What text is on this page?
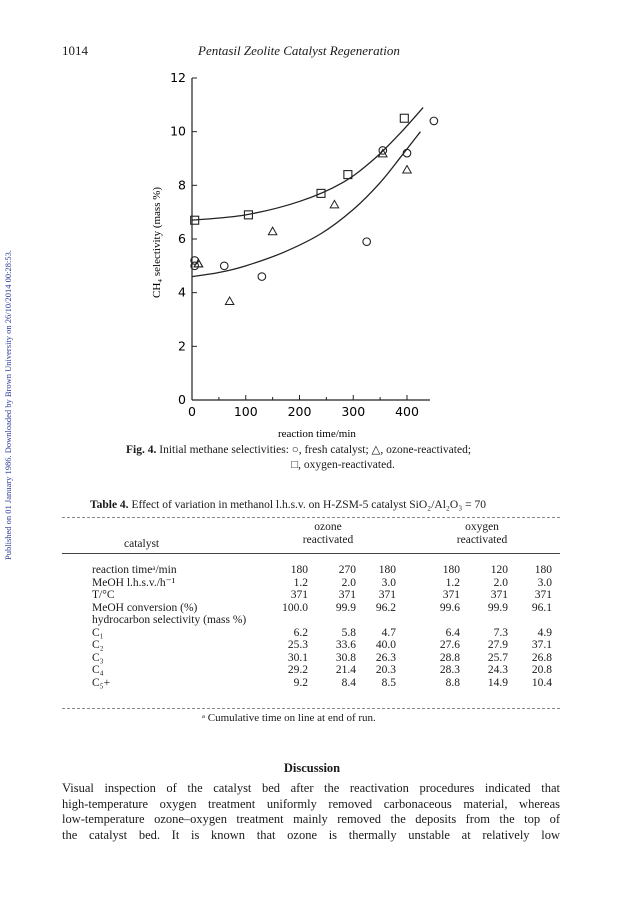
1014	Pentasil Zeolite Catalyst Regeneration
Published on 01 January 1986. Downloaded by Brown University on 26/10/2014 00:28:53.	0
2
4
6
8
10
12
0	100 200 300 400
CH₄ selectivity (mass %)
reaction time/min
Fig. 4. Initial methane selectivities: ○, fresh catalyst; △, ozone-reactivated;
□, oxygen-reactivated.
Table 4. Effect of variation in methanol l.h.s.v. on H-ZSM-5 catalyst SiO₂/Al₂O₃ = 70
	ozone			oxygen		
catalyst	reactivated			reactivated		

reaction timeᵃ/min	180	270	180	180	120	180
MeOH l.h.s.v./h⁻¹	1.2	2.0	3.0	1.2	2.0	3.0
T/°C	371	371	371	371	371	371
MeOH conversion (%)	100.0	99.9	96.2	99.6	99.9	96.1
hydrocarbon selectivity (mass %)						
C₁	6.2	5.8	4.7	6.4	7.3	4.9
C₂	25.3	33.6	40.0	27.6	27.9	37.1
C₃	30.1	30.8	26.3	28.8	25.7	26.8
C₄	29.2	21.4	20.3	28.3	24.3	20.8
C₅+	9.2	8.4	8.5	8.8	14.9	10.4
ᵃ Cumulative time on line at end of run.
Discussion
Visual inspection of the catalyst bed after the reactivation procedures indicated that
high-temperature oxygen treatment uniformly removed carbonaceous material, whereas
low-temperature ozone–oxygen treatment mainly removed the deposits from the top of
the catalyst bed. It is known that ozone is thermally unstable at relatively low
